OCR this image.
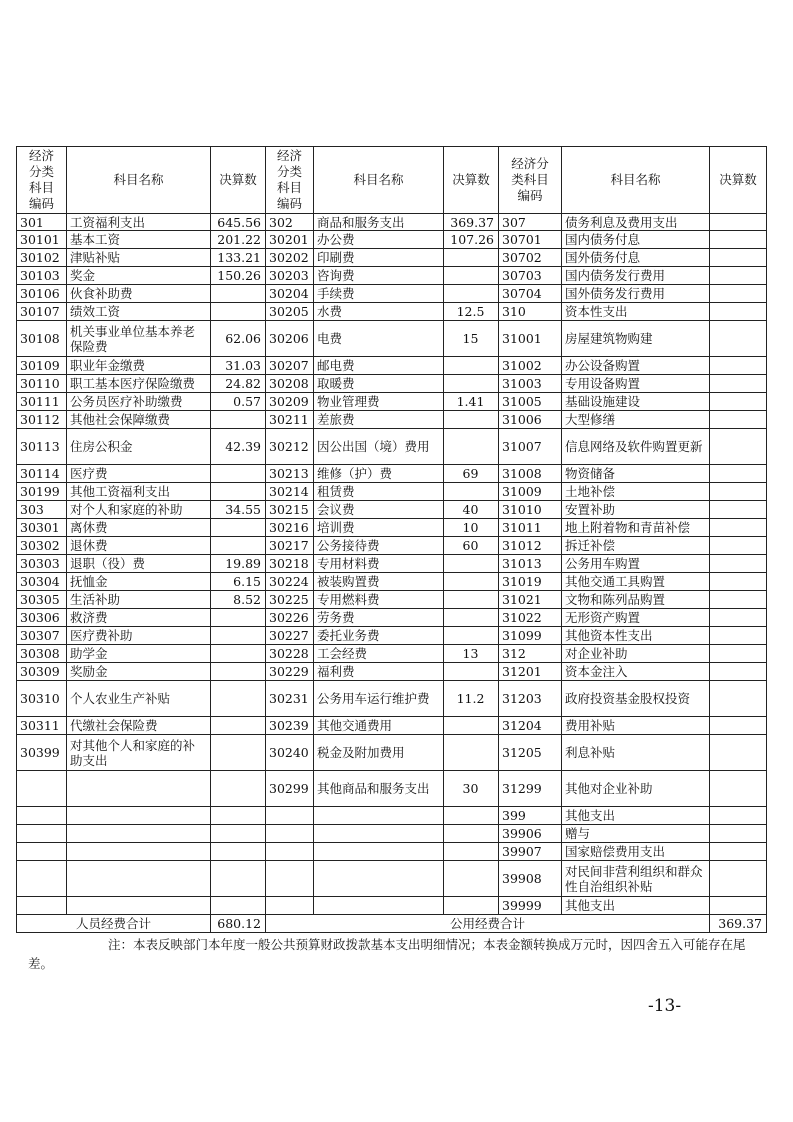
经济
分类
科目
编码	科目名称	决算数	经济
分类
科目
编码	科目名称	决算数	经济分
类科目
编码	科目名称	决算数
301	工资福利支出	645.56	302	商品和服务支出	369.37	307	债务利息及费用支出	
30101	基本工资	201.22	30201	办公费	107.26	30701	国内债务付息	
30102	津贴补贴	133.21	30202	印刷费		30702	国外债务付息	
30103	奖金	150.26	30203	咨询费		30703	国内债务发行费用	
30106	伙食补助费		30204	手续费		30704	国外债务发行费用	
30107	绩效工资		30205	水费	12.5	310	资本性支出	
30108	机关事业单位基本养老保险费	62.06	30206	电费	15	31001	房屋建筑物购建	
30109	职业年金缴费	31.03	30207	邮电费		31002	办公设备购置	
30110	职工基本医疗保险缴费	24.82	30208	取暖费		31003	专用设备购置	
30111	公务员医疗补助缴费	0.57	30209	物业管理费	1.41	31005	基础设施建设	
30112	其他社会保障缴费		30211	差旅费		31006	大型修缮	
30113	住房公积金	42.39	30212	因公出国（境）费用		31007	信息网络及软件购置更新	
30114	医疗费		30213	维修（护）费	69	31008	物资储备	
30199	其他工资福利支出		30214	租赁费		31009	土地补偿	
303	对个人和家庭的补助	34.55	30215	会议费	40	31010	安置补助	
30301	离休费		30216	培训费	10	31011	地上附着物和青苗补偿	
30302	退休费		30217	公务接待费	60	31012	拆迁补偿	
30303	退职（役）费	19.89	30218	专用材料费		31013	公务用车购置	
30304	抚恤金	6.15	30224	被装购置费		31019	其他交通工具购置	
30305	生活补助	8.52	30225	专用燃料费		31021	文物和陈列品购置	
30306	救济费		30226	劳务费		31022	无形资产购置	
30307	医疗费补助		30227	委托业务费		31099	其他资本性支出	
30308	助学金		30228	工会经费	13	312	对企业补助	
30309	奖励金		30229	福利费		31201	资本金注入	
30310	个人农业生产补贴		30231	公务用车运行维护费	11.2	31203	政府投资基金股权投资	
30311	代缴社会保险费		30239	其他交通费用		31204	费用补贴	
30399	对其他个人和家庭的补助支出		30240	税金及附加费用		31205	利息补贴	
			30299	其他商品和服务支出	30	31299	其他对企业补助	
						399	其他支出	
						39906	赠与	
						39907	国家赔偿费用支出	
						39908	对民间非营利组织和群众性自治组织补贴	
						39999	其他支出	
人员经费合计		680.12	公用经费合计					369.37
注：本表反映部门本年度一般公共预算财政拨款基本支出明细情况；本表金额转换成万元时，因四舍五入可能存在尾差。
-13-
